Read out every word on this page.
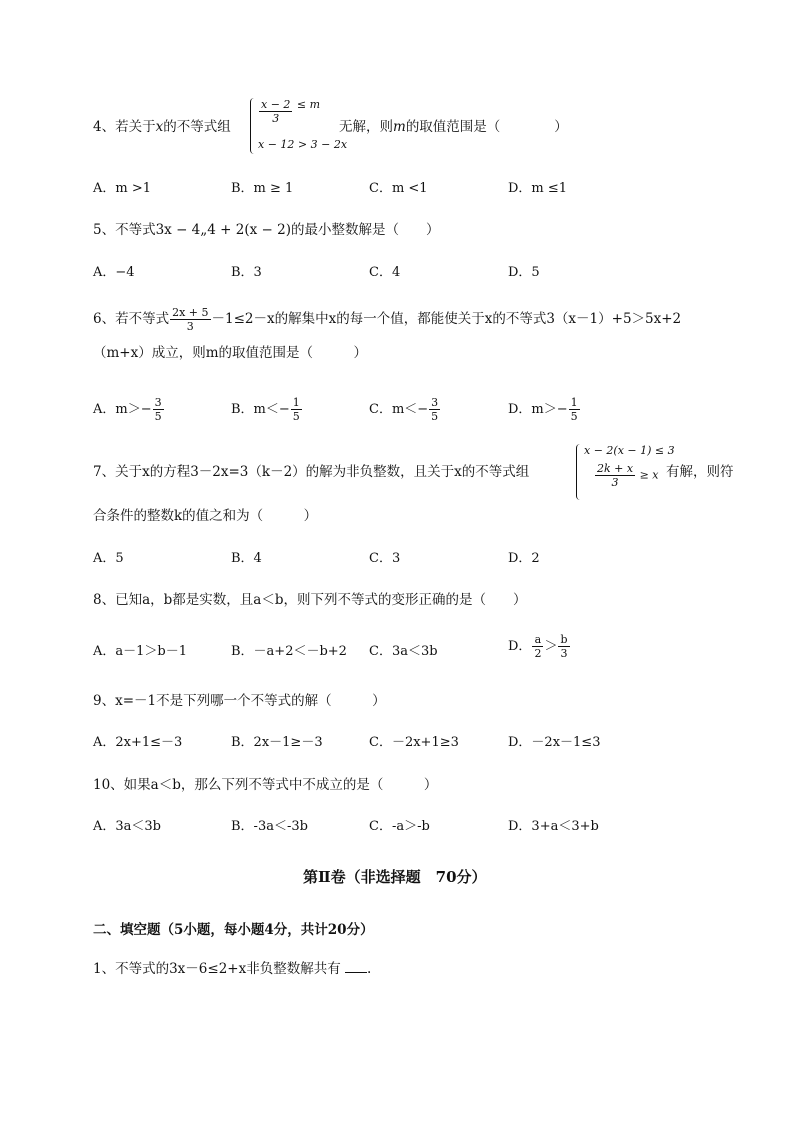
4、若关于x的不等式组
$\frac{x - 2}{3} \le m$
x − 12 > 3 − 2x
无解，则m的取值范围是（　　　　）
A．m >1	B．m ≥ 1	C．m <1	D．m ≤1
5、不等式3x − 4„4 + 2(x − 2)的最小整数解是（　　）
A．−4	B．3	C．4	D．5
6、若不等式 $\frac{2x + 5}{3} -1\le 2-x$的解集中x的每一个值，都能使关于x的不等式3（x－1）+5＞5x+2
（m+x）成立，则m的取值范围是（　　　）
A．$m>- \frac{3}{5}$	B．$m<- \frac{1}{5}$	C．$m<- \frac{3}{5}$	D．$m>- \frac{1}{5}$
7、关于x的方程3－2x=3（k－2）的解为非负整数，且关于x的不等式组
x − 2(x − 1) ≤ 3
$\frac{2k + x}{3} \ge x$ 有解，则符
合条件的整数k的值之和为（　　　）
A．5	B．4	C．3	D．2
8、已知a，b都是实数，且a＜b，则下列不等式的变形正确的是（　　）
A．a－1＞b－1	B．－a+2＜－b+2 C．3a＜3b	D． $\frac{a}{2} > \frac{b}{3}$
9、x=－1不是下列哪一个不等式的解（　　　）
A．2x+1≤－3	B．2x－1≥－3	C．－2x+1≥3	D．－2x－1≤3
10、如果a＜b，那么下列不等式中不成立的是（　　　）
A．3a＜3b	B．-3a＜-3b	C．-a＞-b	D．3+a＜3+b
第Ⅱ卷（非选择题　70分）
二、填空题（5小题，每小题4分，共计20分）
1、不等式的3x－6≤2+x非负整数解共有 .
